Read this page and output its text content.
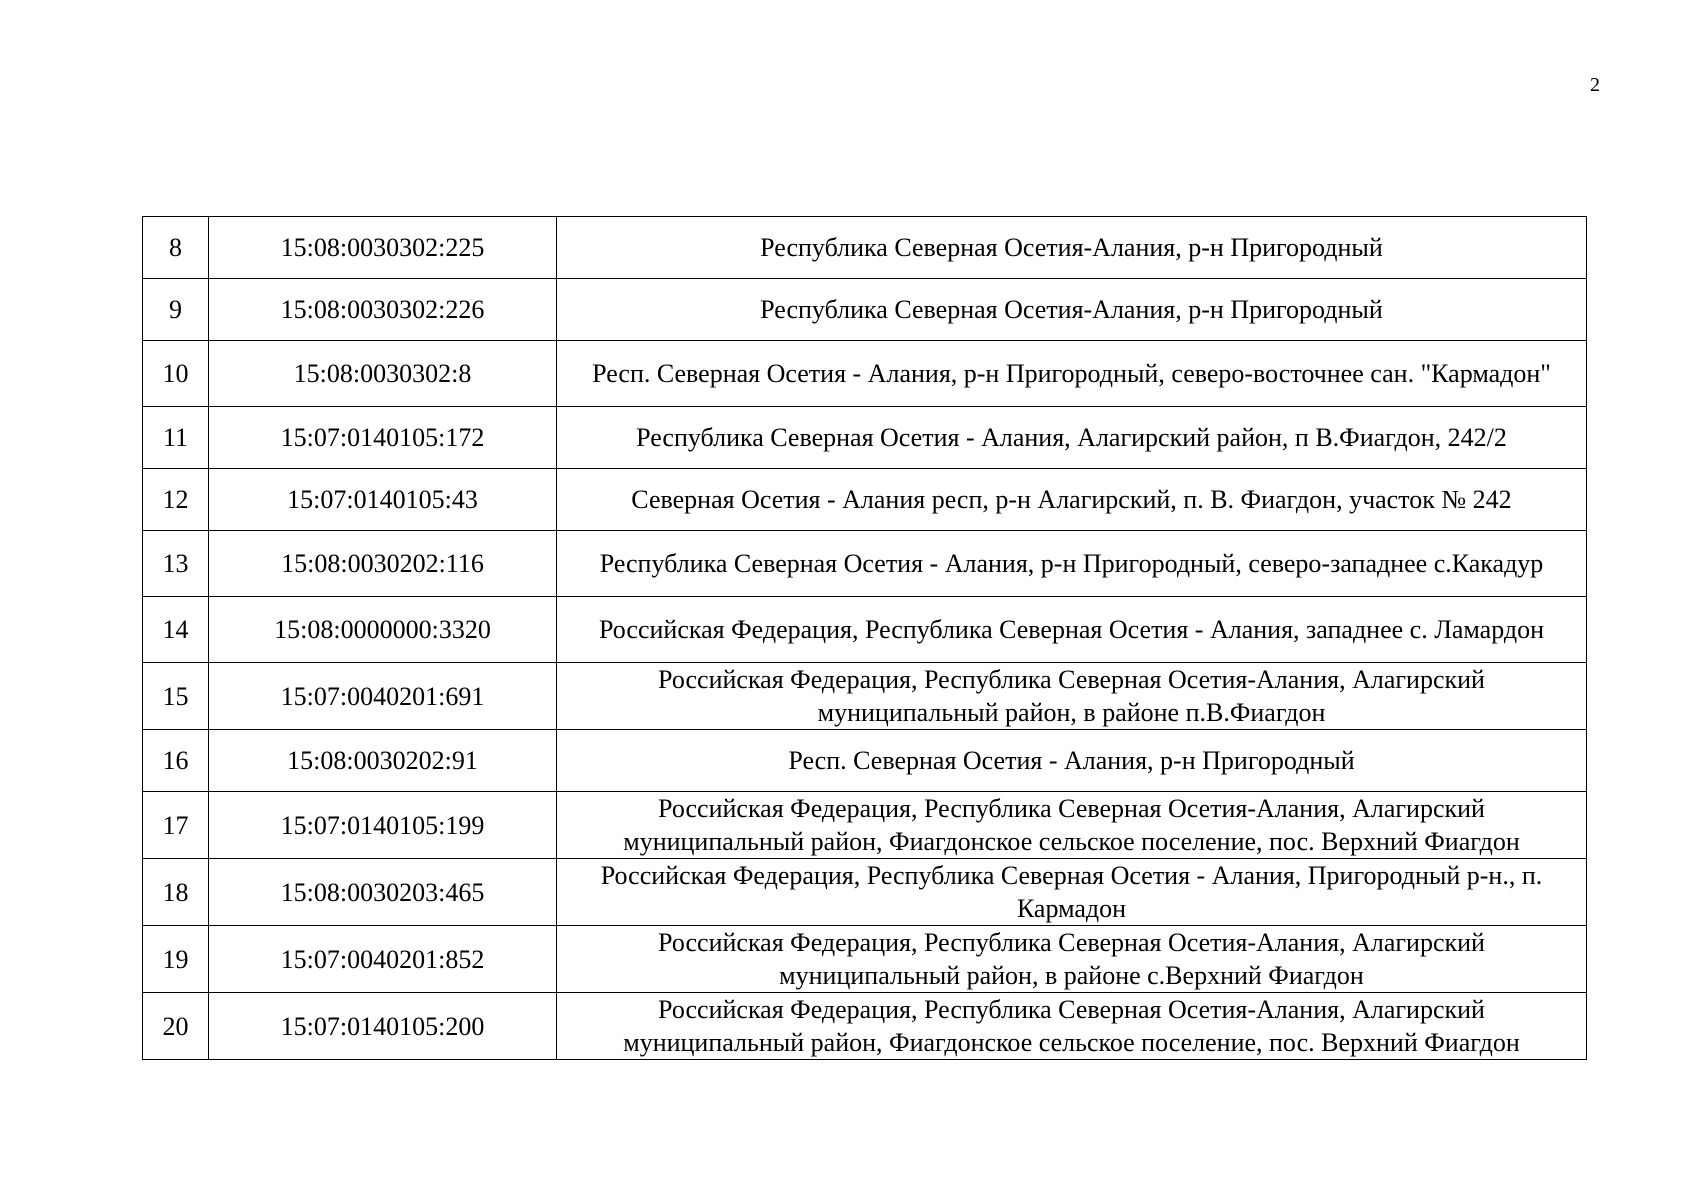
2
8	15:08:0030302:225	Республика Северная Осетия-Алания, р-н Пригородный
9	15:08:0030302:226	Республика Северная Осетия-Алания, р-н Пригородный
10	15:08:0030302:8	Респ. Северная Осетия - Алания, р-н Пригородный, северо-восточнее сан. "Кармадон"
11	15:07:0140105:172	Республика Северная Осетия - Алания, Алагирский район, п В.Фиагдон, 242/2
12	15:07:0140105:43	Северная Осетия - Алания респ, р-н Алагирский, п. В. Фиагдон, участок № 242
13	15:08:0030202:116	Республика Северная Осетия - Алания, р-н Пригородный, северо-западнее с.Какадур
14	15:08:0000000:3320	Российская Федерация, Республика Северная Осетия - Алания, западнее с. Ламардон
15	15:07:0040201:691	Российская Федерация, Республика Северная Осетия-Алания, Алагирский муниципальный район, в районе п.В.Фиагдон
16	15:08:0030202:91	Респ. Северная Осетия - Алания, р-н Пригородный
17	15:07:0140105:199	Российская Федерация, Республика Северная Осетия-Алания, Алагирский муниципальный район, Фиагдонское сельское поселение, пос. Верхний Фиагдон
18	15:08:0030203:465	Российская Федерация, Республика Северная Осетия - Алания, Пригородный р-н., п. Кармадон
19	15:07:0040201:852	Российская Федерация, Республика Северная Осетия-Алания, Алагирский муниципальный район, в районе с.Верхний Фиагдон
20	15:07:0140105:200	Российская Федерация, Республика Северная Осетия-Алания, Алагирский муниципальный район, Фиагдонское сельское поселение, пос. Верхний Фиагдон
